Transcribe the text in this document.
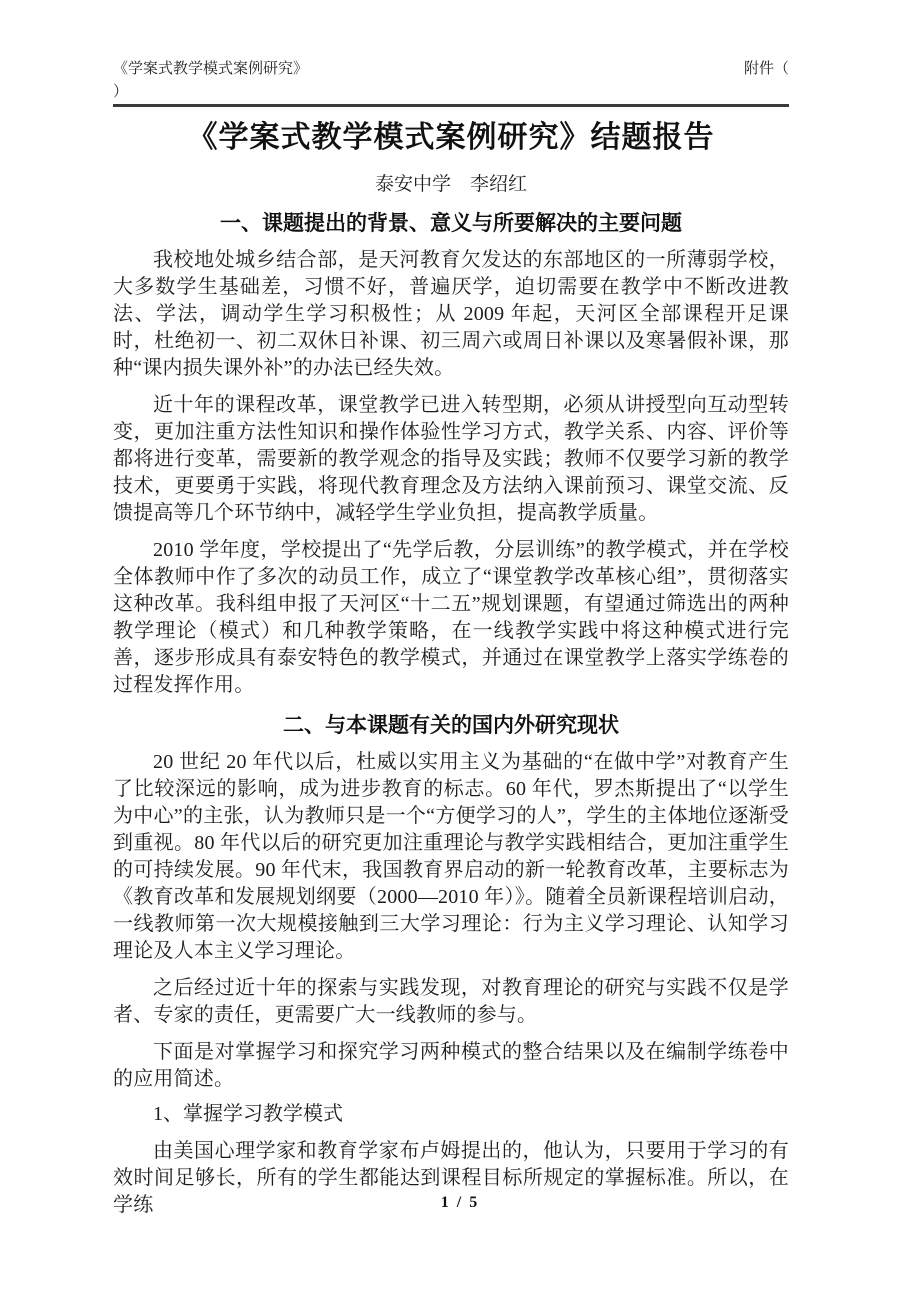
《学案式教学模式案例研究》	附件（
）
《学案式教学模式案例研究》结题报告
泰安中学　李绍红
一、课题提出的背景、意义与所要解决的主要问题

我校地处城乡结合部，是天河教育欠发达的东部地区的一所薄弱学校，大多数学生基础差，习惯不好，普遍厌学，迫切需要在教学中不断改进教法、学法，调动学生学习积极性；从 2009 年起，天河区全部课程开足课时，杜绝初一、初二双休日补课、初三周六或周日补课以及寒暑假补课，那种“课内损失课外补”的办法已经失效。

近十年的课程改革，课堂教学已进入转型期，必须从讲授型向互动型转变，更加注重方法性知识和操作体验性学习方式，教学关系、内容、评价等都将进行变革，需要新的教学观念的指导及实践；教师不仅要学习新的教学技术，更要勇于实践，将现代教育理念及方法纳入课前预习、课堂交流、反馈提高等几个环节纳中，减轻学生学业负担，提高教学质量。

2010 学年度，学校提出了“先学后教，分层训练”的教学模式，并在学校全体教师中作了多次的动员工作，成立了“课堂教学改革核心组”，贯彻落实这种改革。我科组申报了天河区“十二五”规划课题，有望通过筛选出的两种教学理论（模式）和几种教学策略，在一线教学实践中将这种模式进行完善，逐步形成具有泰安特色的教学模式，并通过在课堂教学上落实学练卷的过程发挥作用。

二、与本课题有关的国内外研究现状

20 世纪 20 年代以后，杜威以实用主义为基础的“在做中学”对教育产生了比较深远的影响，成为进步教育的标志。60 年代，罗杰斯提出了“以学生为中心”的主张，认为教师只是一个“方便学习的人”，学生的主体地位逐渐受到重视。80 年代以后的研究更加注重理论与教学实践相结合，更加注重学生的可持续发展。90 年代末，我国教育界启动的新一轮教育改革，主要标志为《教育改革和发展规划纲要（2000—2010 年）》。随着全员新课程培训启动，一线教师第一次大规模接触到三大学习理论：行为主义学习理论、认知学习理论及人本主义学习理论。

之后经过近十年的探索与实践发现，对教育理论的研究与实践不仅是学者、专家的责任，更需要广大一线教师的参与。

下面是对掌握学习和探究学习两种模式的整合结果以及在编制学练卷中的应用简述。

1、掌握学习教学模式

由美国心理学家和教育学家布卢姆提出的，他认为，只要用于学习的有效时间足够长，所有的学生都能达到课程目标所规定的掌握标准。所以，在学练	1 / 5
